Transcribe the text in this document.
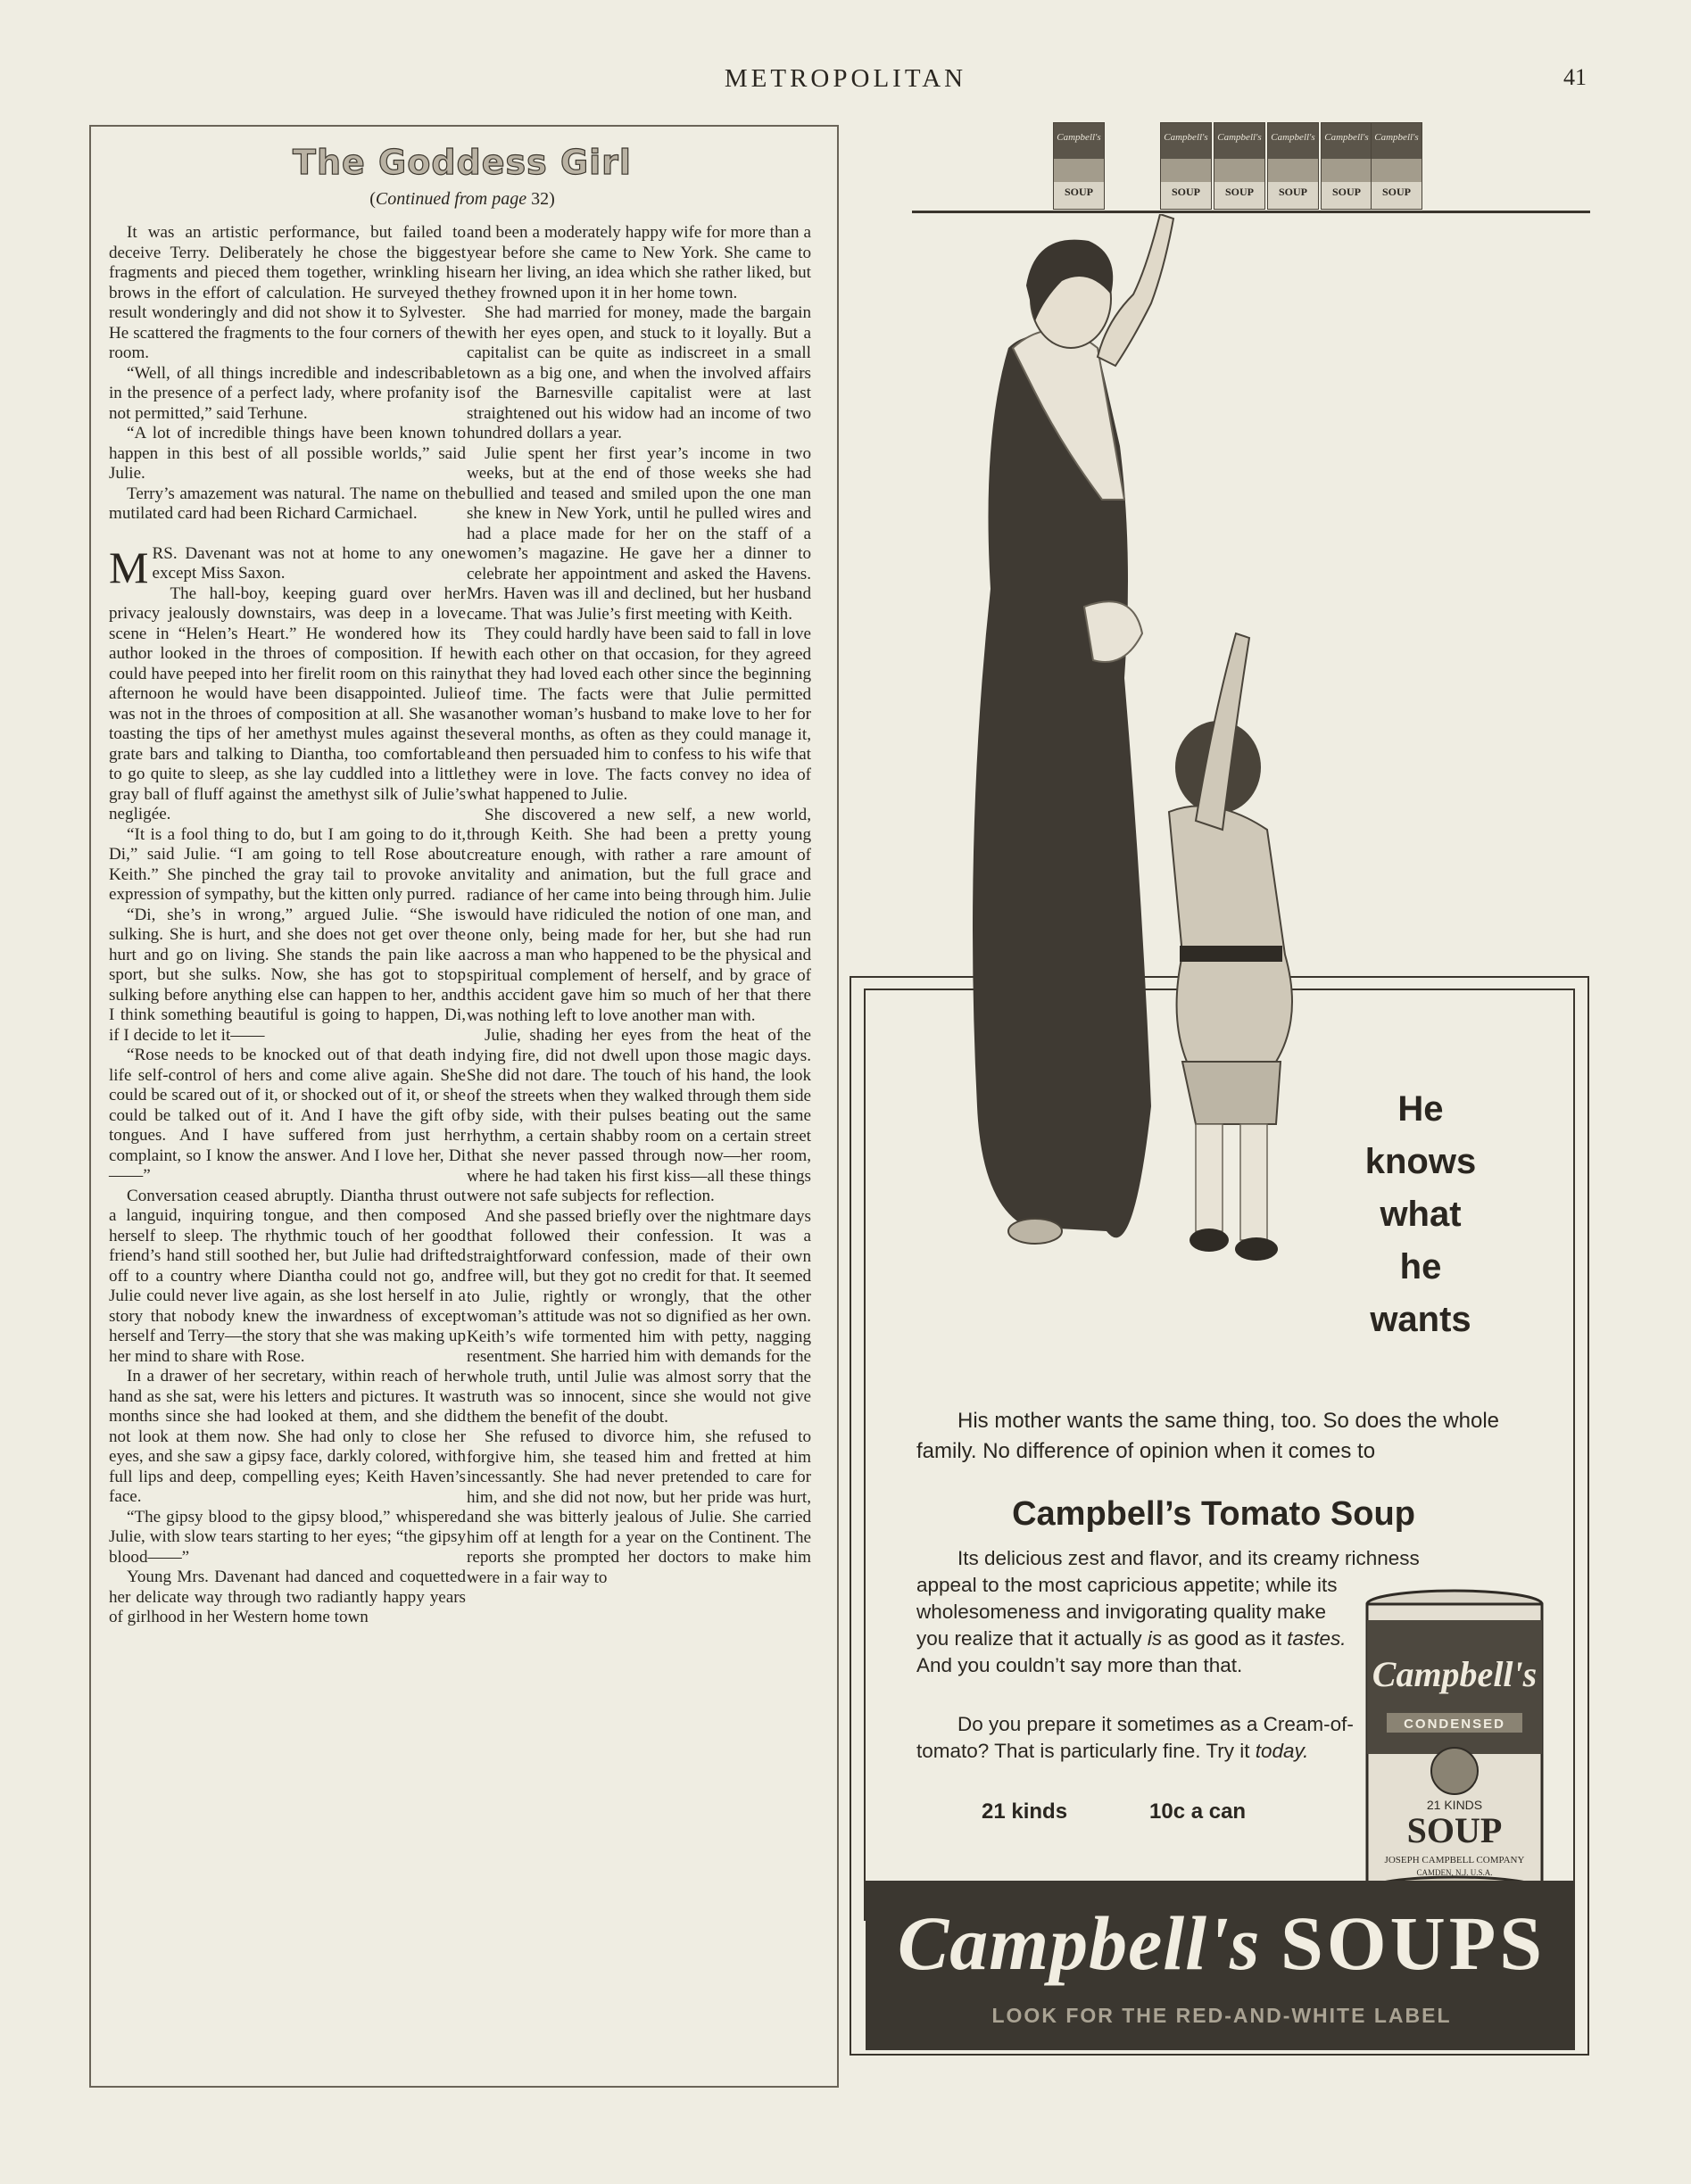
METROPOLITAN	41
The Goddess Girl
(Continued from page 32)

It was an artistic performance, but failed to deceive Terry. Deliberately he chose the biggest fragments and pieced them together, wrinkling his brows in the effort of calculation. He surveyed the result wonderingly and did not show it to Sylvester. He scattered the fragments to the four corners of the room.

“Well, of all things incredible and indescribable in the presence of a perfect lady, where profanity is not permitted,” said Terhune.

“A lot of incredible things have been known to happen in this best of all possible worlds,” said Julie.

Terry’s amazement was natural. The name on the mutilated card had been Richard Carmichael.

MRS. Davenant was not at home to any one except Miss Saxon.

The hall-boy, keeping guard over her privacy jealously downstairs, was deep in a love scene in “Helen’s Heart.” He wondered how its author looked in the throes of composition. If he could have peeped into her firelit room on this rainy afternoon he would have been disappointed. Julie was not in the throes of composition at all. She was toasting the tips of her amethyst mules against the grate bars and talking to Diantha, too comfortable to go quite to sleep, as she lay cuddled into a little gray ball of fluff against the amethyst silk of Julie’s negligée.

“It is a fool thing to do, but I am going to do it, Di,” said Julie. “I am going to tell Rose about Keith.” She pinched the gray tail to provoke an expression of sympathy, but the kitten only purred.

“Di, she’s in wrong,” argued Julie. “She is sulking. She is hurt, and she does not get over the hurt and go on living. She stands the pain like a sport, but she sulks. Now, she has got to stop sulking before anything else can happen to her, and I think something beautiful is going to happen, Di, if I decide to let it——

“Rose needs to be knocked out of that death in life self-control of hers and come alive again. She could be scared out of it, or shocked out of it, or she could be talked out of it. And I have the gift of tongues. And I have suffered from just her complaint, so I know the answer. And I love her, Di——”

Conversation ceased abruptly. Diantha thrust out a languid, inquiring tongue, and then composed herself to sleep. The rhythmic touch of her good friend’s hand still soothed her, but Julie had drifted off to a country where Diantha could not go, and Julie could never live again, as she lost herself in a story that nobody knew the inwardness of except herself and Terry—the story that she was making up her mind to share with Rose.

In a drawer of her secretary, within reach of her hand as she sat, were his letters and pictures. It was months since she had looked at them, and she did not look at them now. She had only to close her eyes, and she saw a gipsy face, darkly colored, with full lips and deep, compelling eyes; Keith Haven’s face.

“The gipsy blood to the gipsy blood,” whispered Julie, with slow tears starting to her eyes; “the gipsy blood——”

Young Mrs. Davenant had danced and coquetted her delicate way through two radiantly happy years of girlhood in her Western home town

and been a moderately happy wife for more than a year before she came to New York. She came to earn her living, an idea which she rather liked, but they frowned upon it in her home town.

She had married for money, made the bargain with her eyes open, and stuck to it loyally. But a capitalist can be quite as indiscreet in a small town as a big one, and when the involved affairs of the Barnesville capitalist were at last straightened out his widow had an income of two hundred dollars a year.

Julie spent her first year’s income in two weeks, but at the end of those weeks she had bullied and teased and smiled upon the one man she knew in New York, until he pulled wires and had a place made for her on the staff of a women’s magazine. He gave her a dinner to celebrate her appointment and asked the Havens. Mrs. Haven was ill and declined, but her husband came. That was Julie’s first meeting with Keith.

They could hardly have been said to fall in love with each other on that occasion, for they agreed that they had loved each other since the beginning of time. The facts were that Julie permitted another woman’s husband to make love to her for several months, as often as they could manage it, and then persuaded him to confess to his wife that they were in love. The facts convey no idea of what happened to Julie.

She discovered a new self, a new world, through Keith. She had been a pretty young creature enough, with rather a rare amount of vitality and animation, but the full grace and radiance of her came into being through him. Julie would have ridiculed the notion of one man, and one only, being made for her, but she had run across a man who happened to be the physical and spiritual complement of herself, and by grace of this accident gave him so much of her that there was nothing left to love another man with.

Julie, shading her eyes from the heat of the dying fire, did not dwell upon those magic days. She did not dare. The touch of his hand, the look of the streets when they walked through them side by side, with their pulses beating out the same rhythm, a certain shabby room on a certain street that she never passed through now—her room, where he had taken his first kiss—all these things were not safe subjects for reflection.

And she passed briefly over the nightmare days that followed their confession. It was a straightforward confession, made of their own free will, but they got no credit for that. It seemed to Julie, rightly or wrongly, that the other woman’s attitude was not so dignified as her own. Keith’s wife tormented him with petty, nagging resentment. She harried him with demands for the whole truth, until Julie was almost sorry that the truth was so innocent, since she would not give them the benefit of the doubt.

She refused to divorce him, she refused to forgive him, she teased him and fretted at him incessantly. She had never pretended to care for him, and she did not now, but her pride was hurt, and she was bitterly jealous of Julie. She carried him off at length for a year on the Continent. The reports she prompted her doctors to make him were in a fair way to

Campbell's
SOUP
Campbell's
SOUP
Campbell's
SOUP
Campbell's
SOUP
Campbell's
SOUP
Campbell's
SOUP
He
knows
what
he
wants
His mother wants the same thing, too. So does the whole family. No difference of opinion when it comes to
Campbell’s Tomato Soup
Its delicious zest and flavor, and its creamy richness
appeal to the most capricious appetite; while its wholesomeness and invigorating quality make you realize that it actually is as good as it tastes. And you couldn’t say more than that.
Do you prepare it sometimes as a Cream-of-tomato? That is particularly fine. Try it today.
21 kinds	10c a can
Campbell's
CONDENSED
21 KINDS
SOUP
JOSEPH CAMPBELL COMPANY
CAMDEN, N.J. U.S.A.
Campbell's SOUPS
LOOK FOR THE RED-AND-WHITE LABEL
